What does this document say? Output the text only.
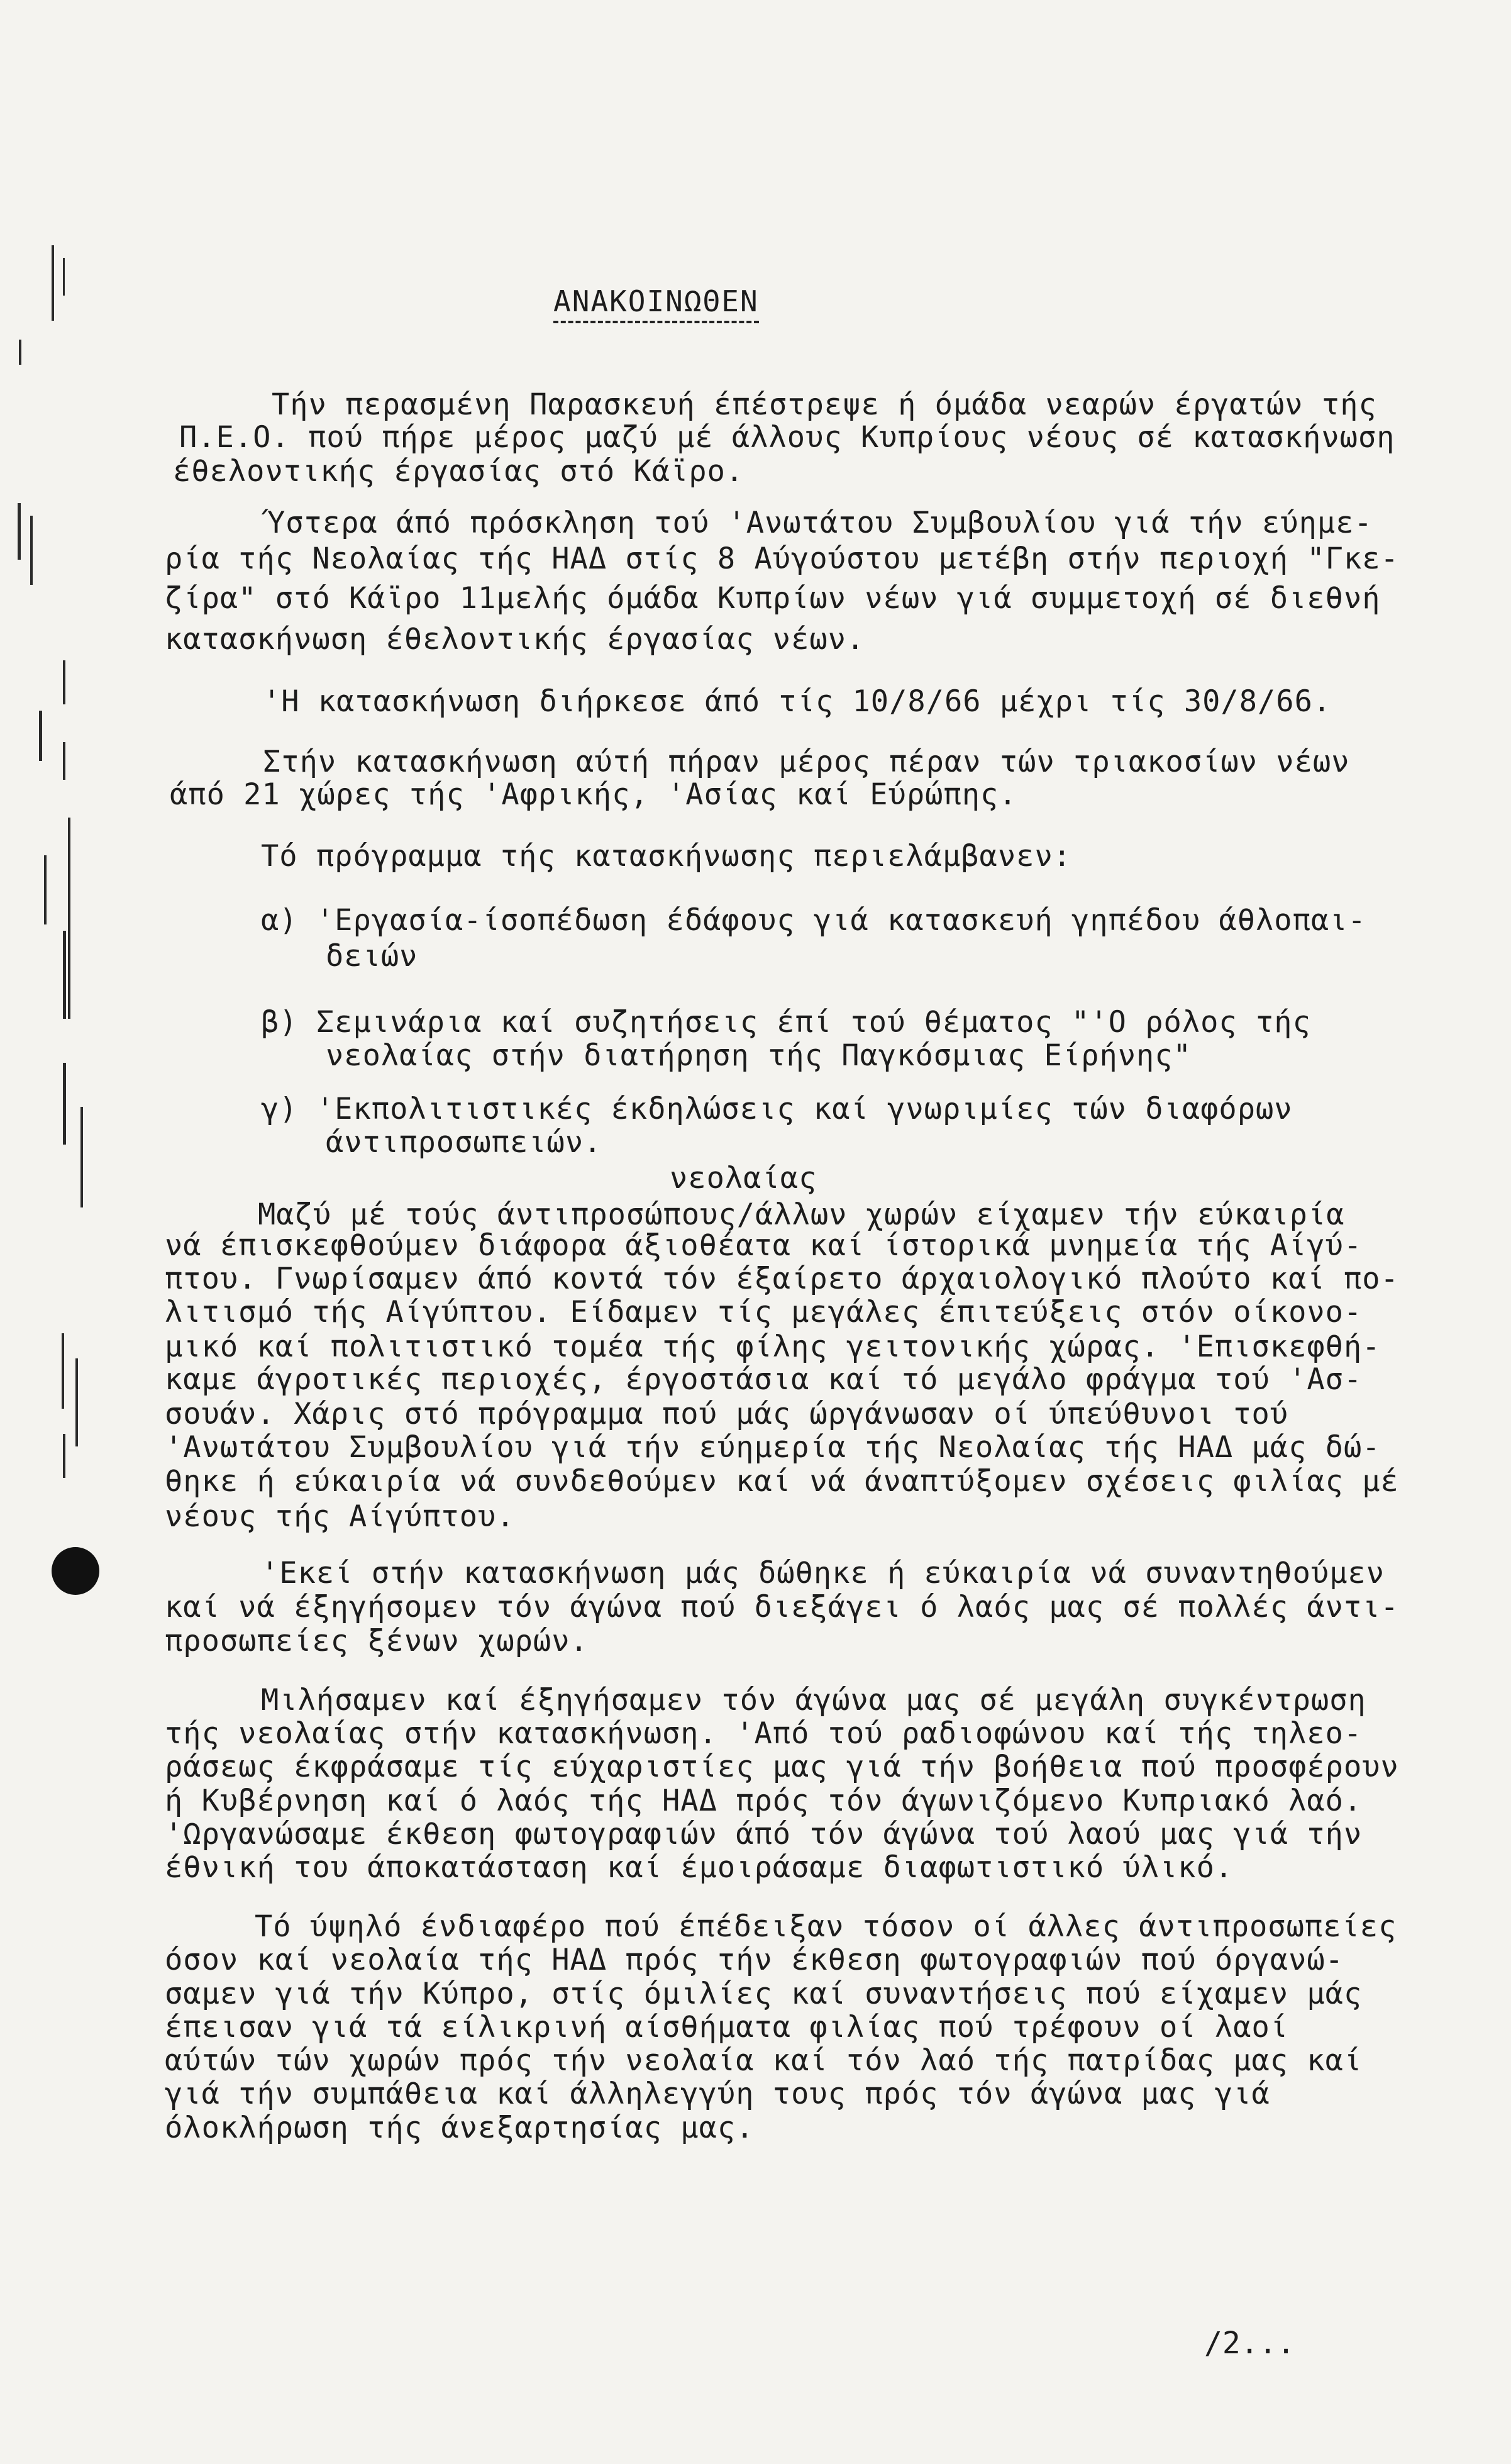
ΑΝΑΚΟΙΝΩΘΕΝ
Τήν περασμένη Παρασκευή έπέστρεψε ή όμάδα νεαρών έργατών τής
Π.Ε.Ο. πού πήρε μέρος μαζύ μέ άλλους Κυπρίους νέους σέ κατασκήνωση
έθελοντικής έργασίας στό Κάϊρο.
Ύστερα άπό πρόσκληση τού 'Ανωτάτου Συμβουλίου γιά τήν εύημε-
ρία τής Νεολαίας τής ΗΑΔ στίς 8 Αύγούστου μετέβη στήν περιοχή "Γκε-
ζίρα" στό Κάϊρο 11μελής όμάδα Κυπρίων νέων γιά συμμετοχή σέ διεθνή
κατασκήνωση έθελοντικής έργασίας νέων.
'Η κατασκήνωση διήρκεσε άπό τίς 10/8/66 μέχρι τίς 30/8/66.
Στήν κατασκήνωση αύτή πήραν μέρος πέραν τών τριακοσίων νέων
άπό 21 χώρες τής 'Αφρικής, 'Ασίας καί Εύρώπης.
Τό πρόγραμμα τής κατασκήνωσης περιελάμβανεν:
α) 'Εργασία-ίσοπέδωση έδάφους γιά κατασκευή γηπέδου άθλοπαι-
δειών
β) Σεμινάρια καί συζητήσεις έπί τού θέματος "'Ο ρόλος τής
νεολαίας στήν διατήρηση τής Παγκόσμιας Είρήνης"
γ) 'Εκπολιτιστικές έκδηλώσεις καί γνωριμίες τών διαφόρων
άντιπροσωπειών.
νεολαίας
Μαζύ μέ τούς άντιπροσώπους/άλλων χωρών είχαμεν τήν εύκαιρία
νά έπισκεφθούμεν διάφορα άξιοθέατα καί ίστορικά μνημεία τής Αίγύ-
πτου. Γνωρίσαμεν άπό κοντά τόν έξαίρετο άρχαιολογικό πλούτο καί πο-
λιτισμό τής Αίγύπτου. Είδαμεν τίς μεγάλες έπιτεύξεις στόν οίκονο-
μικό καί πολιτιστικό τομέα τής φίλης γειτονικής χώρας. 'Επισκεφθή-
καμε άγροτικές περιοχές, έργοστάσια καί τό μεγάλο φράγμα τού 'Ασ-
σουάν. Χάρις στό πρόγραμμα πού μάς ώργάνωσαν οί ύπεύθυνοι τού
'Ανωτάτου Συμβουλίου γιά τήν εύημερία τής Νεολαίας τής ΗΑΔ μάς δώ-
θηκε ή εύκαιρία νά συνδεθούμεν καί νά άναπτύξομεν σχέσεις φιλίας μέ
νέους τής Αίγύπτου.
'Εκεί στήν κατασκήνωση μάς δώθηκε ή εύκαιρία νά συναντηθούμεν
καί νά έξηγήσομεν τόν άγώνα πού διεξάγει ό λαός μας σέ πολλές άντι-
προσωπείες ξένων χωρών.
Μιλήσαμεν καί έξηγήσαμεν τόν άγώνα μας σέ μεγάλη συγκέντρωση
τής νεολαίας στήν κατασκήνωση. 'Από τού ραδιοφώνου καί τής τηλεο-
ράσεως έκφράσαμε τίς εύχαριστίες μας γιά τήν βοήθεια πού προσφέρουν
ή Κυβέρνηση καί ό λαός τής ΗΑΔ πρός τόν άγωνιζόμενο Κυπριακό λαό.
'Ωργανώσαμε έκθεση φωτογραφιών άπό τόν άγώνα τού λαού μας γιά τήν
έθνική του άποκατάσταση καί έμοιράσαμε διαφωτιστικό ύλικό.
Τό ύψηλό ένδιαφέρο πού έπέδειξαν τόσον οί άλλες άντιπροσωπείες
όσον καί νεολαία τής ΗΑΔ πρός τήν έκθεση φωτογραφιών πού όργανώ-
σαμεν γιά τήν Κύπρο, στίς όμιλίες καί συναντήσεις πού είχαμεν μάς
έπεισαν γιά τά είλικρινή αίσθήματα φιλίας πού τρέφουν οί λαοί
αύτών τών χωρών πρός τήν νεολαία καί τόν λαό τής πατρίδας μας καί
γιά τήν συμπάθεια καί άλληλεγγύη τους πρός τόν άγώνα μας γιά
όλοκλήρωση τής άνεξαρτησίας μας.
/2...
